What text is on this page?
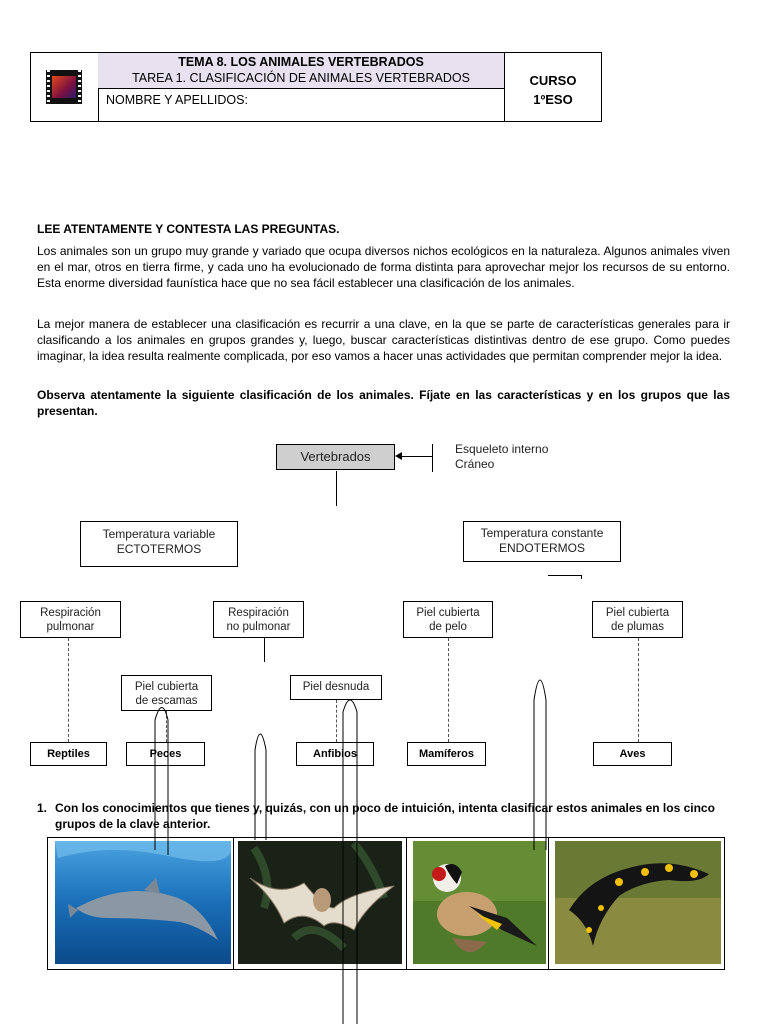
TEMA 8. LOS ANIMALES VERTEBRADOS
TAREA 1. CLASIFICACIÓN DE ANIMALES VERTEBRADOS
NOMBRE Y APELLIDOS:
CURSO
1ºESO
LEE ATENTAMENTE Y CONTESTA LAS PREGUNTAS.
Los animales son un grupo muy grande y variado que ocupa diversos nichos ecológicos en la naturaleza. Algunos animales viven en el mar, otros en tierra firme, y cada uno ha evolucionado de forma distinta para aprovechar mejor los recursos de su entorno. Esta enorme diversidad faunística hace que no sea fácil establecer una clasificación de los animales.
La mejor manera de establecer una clasificación es recurrir a una clave, en la que se parte de características generales para ir clasificando a los animales en grupos grandes y, luego, buscar características distintivas dentro de ese grupo. Como puedes imaginar, la idea resulta realmente complicada, por eso vamos a hacer unas actividades que permitan comprender mejor la idea.
Observa atentamente la siguiente clasificación de los animales. Fíjate en las características y en los grupos que las presentan.
Vertebrados	Esqueleto interno
Cráneo
Temperatura variable
ECTOTERMOS
Temperatura constante
ENDOTERMOS
Respiración
pulmonar
Respiración
no pulmonar
Piel cubierta
de pelo
Piel cubierta
de plumas
Piel cubierta
de escamas
Piel desnuda
Reptiles	Peces	Anfibios	Mamíferos	Aves
1. Con los conocimientos que tienes y, quizás, con un poco de intuición, intenta clasificar estos animales en los cinco
grupos de la clave anterior.
